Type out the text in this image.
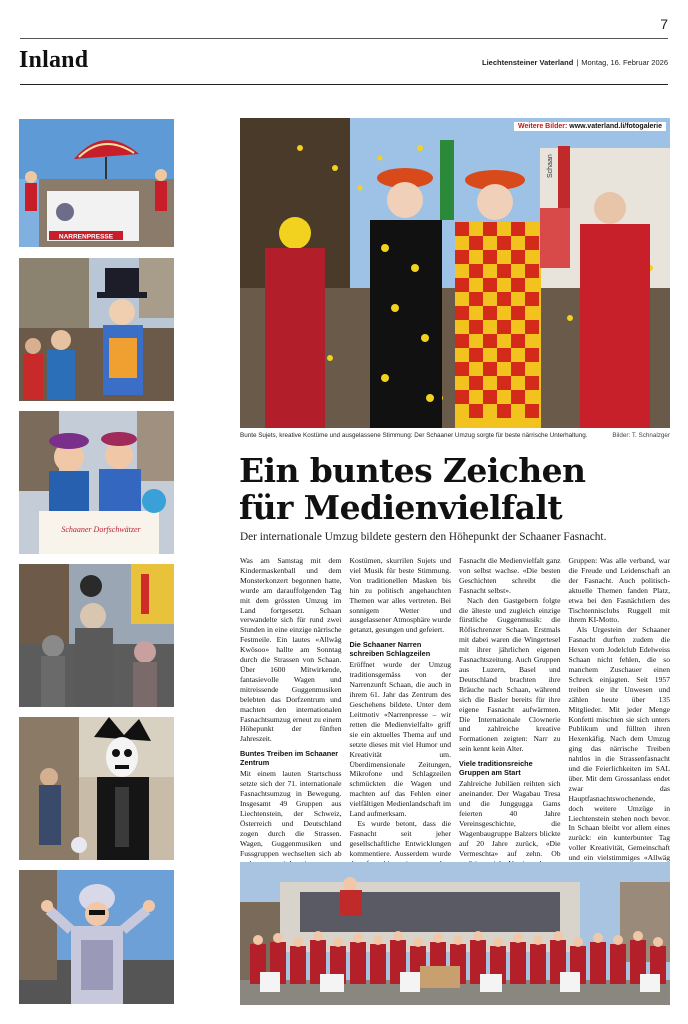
7
Inland	Liechtensteiner Vaterland | Montag, 16. Februar 2026
NARRENPRESSE
Schaaner Dorfschwätzer
Schaan
Weitere Bilder: www.vaterland.li/fotogalerie
Bunte Sujets, kreative Kostüme und ausgelassene Stimmung: Der Schaaner Umzug sorgte für beste närrische Unterhaltung.	Bilder: T. Schnalzger
Ein buntes Zeichen
für Medienvielfalt
Der internationale Umzug bildete gestern den Höhepunkt der Schaaner Fasnacht.

Was am Samstag mit dem Kindermaskenball und dem Monsterkonzert begonnen hatte, wurde am darauffolgenden Tag mit dem grössten Umzug im Land fortgesetzt. Schaan verwandelte sich für rund zwei Stunden in eine einzige närrische Festmeile. Ein lautes «Allwäg Kwösoo» hallte am Sonntag durch die Strassen von Schaan. Über 1600 Mitwirkende, fantasievolle Wagen und mitreissende Guggenmusiken belebten das Dorfzentrum und machten den internationalen Fasnachtsumzug erneut zu einem Höhepunkt der fünften Jahreszeit.

Buntes Treiben im Schaaner Zentrum

Mit einem lauten Startschuss setzte sich der 71. internationale Fasnachtsumzug in Bewegung. Insgesamt 49 Gruppen aus Liechtenstein, der Schweiz, Österreich und Deutschland zogen durch die Strassen. Wagen, Guggenmusiken und Fussgruppen wechselten sich ab

Kostümen, skurrilen Sujets und viel Musik für beste Stimmung. Von traditionellen Masken bis hin zu politisch angehauchten Themen war alles vertreten. Bei sonnigem Wetter und ausgelassener Atmosphäre wurde getanzt, gesungen und gefeiert.

Die Schaaner Narren schreiben Schlagzeilen

Eröffnet wurde der Umzug traditionsgemäss von der Narrenzunft Schaan, die auch in ihrem 61. Jahr das Zentrum des Geschehens bildete. Unter dem Leitmotiv «Narrenpresse – wir retten die Medienvielfalt» griff sie ein aktuelles Thema auf und setzte dieses mit viel Humor und Kreativität um. Überdimensionale Zeitungen, Mikrofone und Schlagzeilen schmückten die Wagen und machten auf das Fehlen einer vielfältigen Medienlandschaft im Land aufmerksam.

Es wurde betont, dass die Fasnacht seit jeher gesellschaftliche Entwicklungen kommentiere. Ausserdem wurde

Fasnacht die Medienvielfalt ganz von selbst wachse. «Die besten Geschichten schreibt die Fasnacht selbst».

Nach den Gastgebern folgte die älteste und zugleich einzige fürstliche Guggenmusik: die Röfischrenzer Schaan. Erstmals mit dabei waren die Wingertesel mit ihrer jährlichen eigenen Fasnachtszeitung. Auch Gruppen aus Luzern, Basel und Deutschland brachten ihre Bräuche nach Schaan, während sich die Basler bereits für ihre eigene Fasnacht aufwärmten. Die Internationale Clownerie und zahlreiche kreative Formationen zeigten: Narr zu sein kennt kein Alter.

Viele traditionsreiche Gruppen am Start

Zahlreiche Jubiläen reihten sich aneinander. Der Wagabau Tresa und die Junggugga Gams feierten 40 Jahre Vereinsgeschichte, die Wagenbaugruppe Balzers blickte auf 20 Jahre zurück, «Die Vermeschta» auf zehn. Ob

Gruppen: Was alle verband, war die Freude und Leidenschaft an der Fasnacht. Auch politisch-aktuelle Themen fanden Platz, etwa bei den Fasnächtlern des Tischtennisclubs Ruggell mit ihrem KI-Motto.

Als Urgestein der Schaaner Fasnacht durften zudem die Hexen vom Jodelclub Edelweiss Schaan nicht fehlen, die so manchem Zuschauer einen Schreck einjagten. Seit 1957 treiben sie ihr Unwesen und zählen heute über 135 Mitglieder. Mit jeder Menge Konfetti mischten sie sich unters Publikum und füllten ihren Hexenkäfig. Nach dem Umzug ging das närrische Treiben nahtlos in die Strassenfasnacht und die Feierlichkeiten im SAL über. Mit dem Grossanlass endet zwar das Hauptfasnachtswochenende, doch weitere Umzüge in Liechtenstein stehen noch bevor. In Schaan bleibt vor allem eines zurück: ein kunterbunter Tag voller Kreativität, Gemeinschaft und ein vielstimmiges «Allwäg
